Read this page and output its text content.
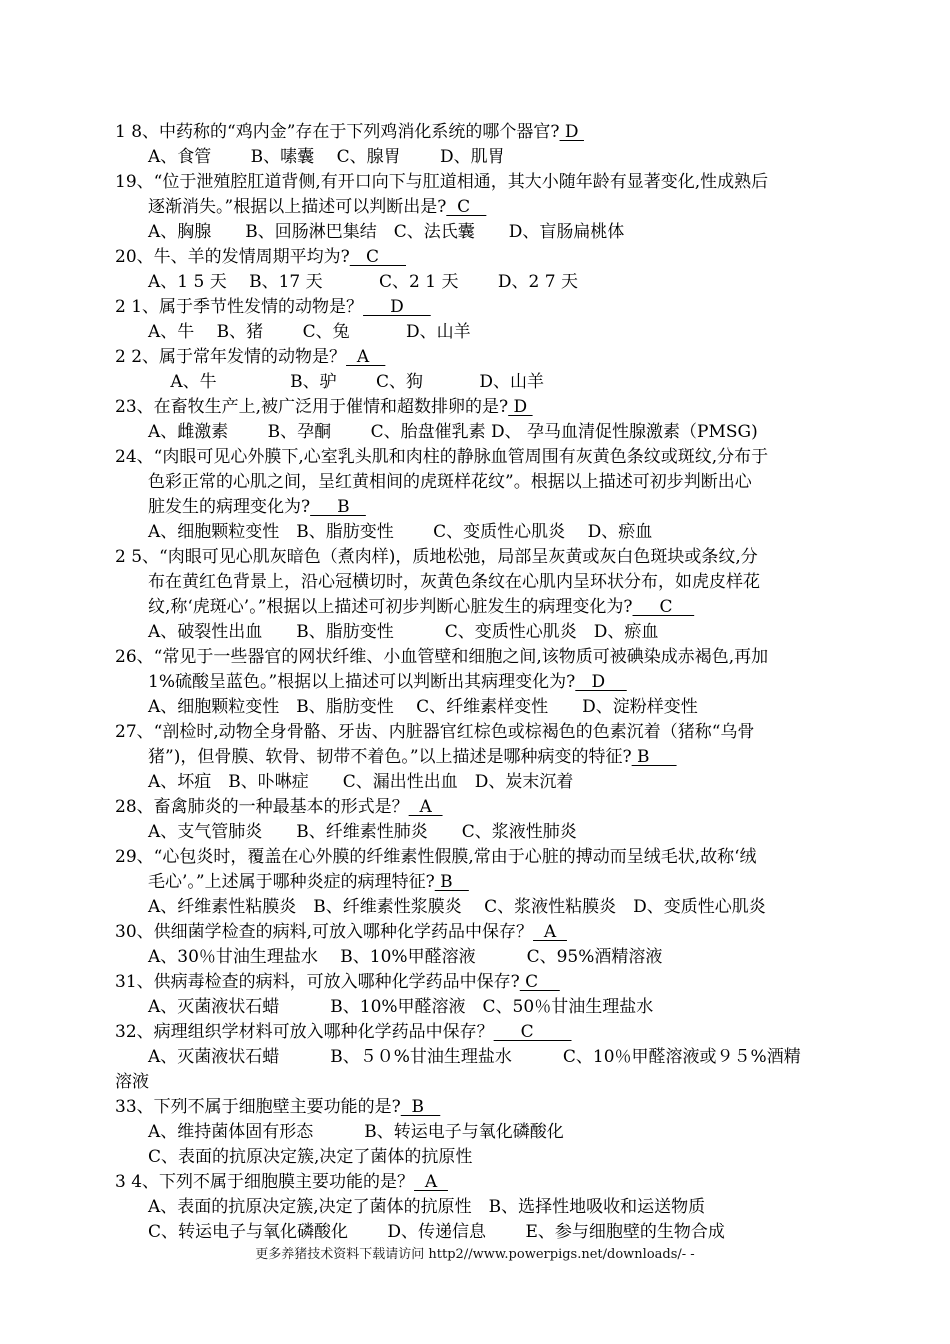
1 8、中药称的“鸡内金”存在于下列鸡消化系统的哪个器官? D
A、食管　　 B、嗉囊　 C、腺胃　　 D、肌胃
19、“位于泄殖腔肛道背侧,有开口向下与肛道相通，其大小随年龄有显著变化,性成熟后
逐渐消失。”根据以上描述可以判断出是?  C
A、胸腺　　B、回肠淋巴集结　C、法氏囊　　D、盲肠扁桃体
20、牛、羊的发情周期平均为?   C
A、1 5 天　 B、17 天　　　 C、2 1 天　　 D、2 7 天
2 1、属于季节性发情的动物是？     D
A、牛　 B、猪　　 C、兔　　　 D、山羊
2 2、属于常年发情的动物是？  A
　 A、牛　　　　 B、驴　　 C、狗　　　 D、山羊
23、在畜牧生产上,被广泛用于催情和超数排卵的是? D
A、雌激素　　 B、孕酮　　 C、胎盘催乳素 D、 孕马血清促性腺激素（PMSG)
24、“肉眼可见心外膜下,心室乳头肌和肉柱的静脉血管周围有灰黄色条纹或斑纹,分布于
色彩正常的心肌之间，呈红黄相间的虎斑样花纹”。根据以上描述可初步判断出心
脏发生的病理变化为?     B
A、细胞颗粒变性　B、脂肪变性　　 C、变质性心肌炎　 D、瘀血
2 5、“肉眼可见心肌灰暗色（煮肉样)，质地松弛，局部呈灰黄或灰白色斑块或条纹,分
布在黄红色背景上，沿心冠横切时，灰黄色条纹在心肌内呈环状分布，如虎皮样花
纹,称‘虎斑心’。”根据以上描述可初步判断心脏发生的病理变化为?     C
A、破裂性出血　　B、脂肪变性　　　C、变质性心肌炎　D、瘀血
26、“常见于一些器官的网状纤维、小血管壁和细胞之间,该物质可被碘染成赤褐色,再加
1%硫酸呈蓝色。”根据以上描述可以判断出其病理变化为?   D
A、细胞颗粒变性　B、脂肪变性　 C、纤维素样变性　　D、淀粉样变性
27、“剖检时,动物全身骨骼、牙齿、内脏器官红棕色或棕褐色的色素沉着（猪称“乌骨
猪”)，但骨膜、软骨、韧带不着色。”以上描述是哪种病变的特征? B
A、坏疽　B、卟啉症　　C、漏出性出血　D、炭末沉着
28、畜禽肺炎的一种最基本的形式是？  A
A、支气管肺炎　　B、纤维素性肺炎　　C、浆液性肺炎
29、“心包炎时，覆盖在心外膜的纤维素性假膜,常由于心脏的搏动而呈绒毛状,故称‘绒
毛心’。”上述属于哪种炎症的病理特征? B
A、纤维素性粘膜炎　B、纤维素性浆膜炎　 C、浆液性粘膜炎　D、变质性心肌炎
30、供细菌学检查的病料,可放入哪种化学药品中保存？  A
A、30％甘油生理盐水　 B、10%甲醛溶液　　　C、95%酒精溶液
31、供病毒检查的病料，可放入哪种化学药品中保存? C
A、灭菌液状石蜡　　　B、10%甲醛溶液　C、50％甘油生理盐水
32、病理组织学材料可放入哪种化学药品中保存？     C
A、灭菌液状石蜡　　　B、５０%甘油生理盐水　　　C、10％甲醛溶液或９５%酒精
溶液
33、下列不属于细胞壁主要功能的是?  B
A、维持菌体固有形态　　　B、转运电子与氧化磷酸化
C、表面的抗原决定簇,决定了菌体的抗原性
3 4、下列不属于细胞膜主要功能的是？  A
A、表面的抗原决定簇,决定了菌体的抗原性　B、选择性地吸收和运送物质
C、转运电子与氧化磷酸化　　 D、传递信息　　 E、参与细胞壁的生物合成
更多养猪技术资料下载请访问 http2//www.powerpigs.net/downloads/- -
